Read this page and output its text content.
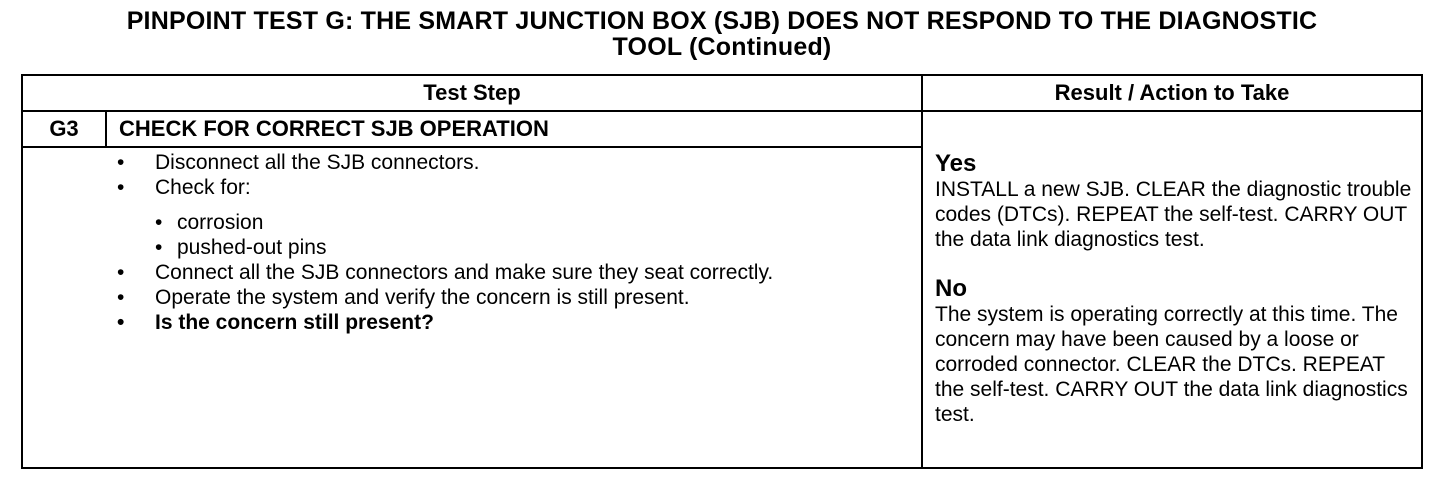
PINPOINT TEST G: THE SMART JUNCTION BOX (SJB) DOES NOT RESPOND TO THE DIAGNOSTIC
TOOL (Continued)
Test Step	Result / Action to Take
G3	CHECK FOR CORRECT SJB OPERATION
• Disconnect all the SJB connectors.
• Check for:
• corrosion
• pushed-out pins
• Connect all the SJB connectors and make sure they seat correctly.
• Operate the system and verify the concern is still present.
• Is the concern still present?
Yes
INSTALL a new SJB. CLEAR the diagnostic trouble codes (DTCs). REPEAT the self-test. CARRY OUT the data link diagnostics test.
No
The system is operating correctly at this time. The concern may have been caused by a loose or corroded connector. CLEAR the DTCs. REPEAT the self-test. CARRY OUT the data link diagnostics test.
